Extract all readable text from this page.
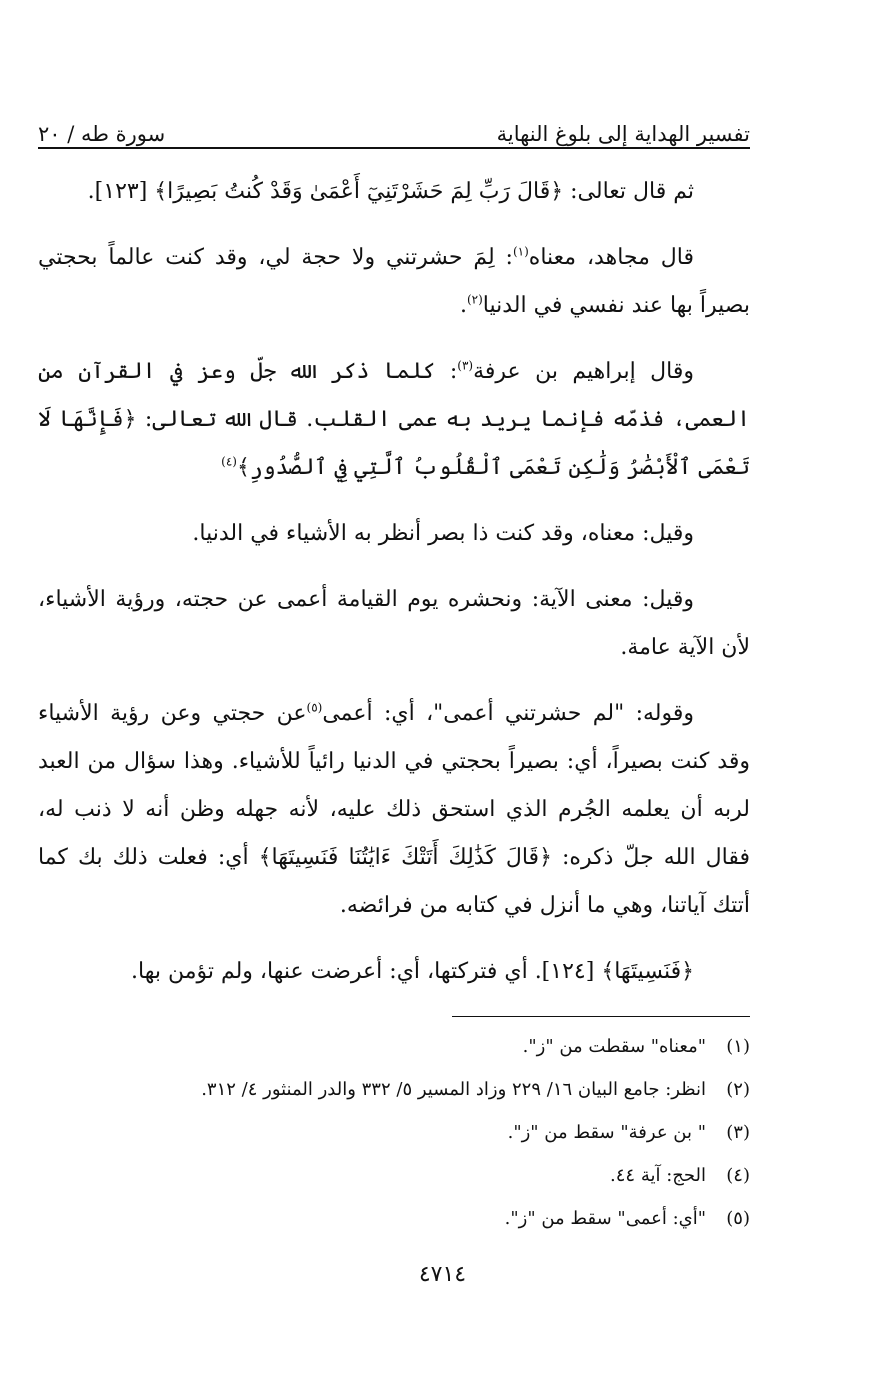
تفسير الهداية إلى بلوغ النهاية
سورة طه / ٢٠

ثم قال تعالى: ﴿قَالَ رَبِّ لِمَ حَشَرْتَنِيٓ أَعْمَىٰ وَقَدْ كُنتُ بَصِيرًا﴾ [١٢٣].

قال مجاهد، معناه$^{(١)}$: لِمَ حشرتني ولا حجة لي، وقد كنت عالماً بحجتي بصيراً بها عند نفسي في الدنيا$^{(٢)}$.

وقال إبراهيم بن عرفة$^{(٣)}$: كلما ذكر الله جلّ وعز في القرآن من العمى، فذمّه فإنما يريد به عمى القلب. قال الله تعالى: ﴿فَإِنَّهَا لَا تَعْمَى ٱلْأَبْصَٰرُ وَلَٰكِن تَعْمَى ٱلْقُلُوبُ ٱلَّتِي فِي ٱلصُّدُورِ﴾$^{(٤)}$

وقيل: معناه، وقد كنت ذا بصر أنظر به الأشياء في الدنيا.

وقيل: معنى الآية: ونحشره يوم القيامة أعمى عن حجته، ورؤية الأشياء، لأن الآية عامة.

وقوله: "لم حشرتني أعمى"، أي: أعمى$^{(٥)}$عن حجتي وعن رؤية الأشياء وقد كنت بصيراً، أي: بصيراً بحجتي في الدنيا رائياً للأشياء. وهذا سؤال من العبد لربه أن يعلمه الجُرم الذي استحق ذلك عليه، لأنه جهله وظن أنه لا ذنب له، فقال الله جلّ ذكره: ﴿قَالَ كَذَٰلِكَ أَتَتْكَ ءَايَٰتُنَا فَنَسِيتَهَا﴾ أي: فعلت ذلك بك كما أتتك آياتنا، وهي ما أنزل في كتابه من فرائضه.

﴿فَنَسِيتَهَا﴾ [١٢٤]. أي فتركتها، أي: أعرضت عنها، ولم تؤمن بها.

(١)
"معناه" سقطت من "ز".
(٢)
انظر: جامع البيان ١٦/ ٢٢٩ وزاد المسير ٥/ ٣٣٢ والدر المنثور ٤/ ٣١٢.
(٣)
" بن عرفة" سقط من "ز".
(٤)
الحج: آية ٤٤.
(٥)
"أي: أعمى" سقط من "ز".
٤٧١٤
